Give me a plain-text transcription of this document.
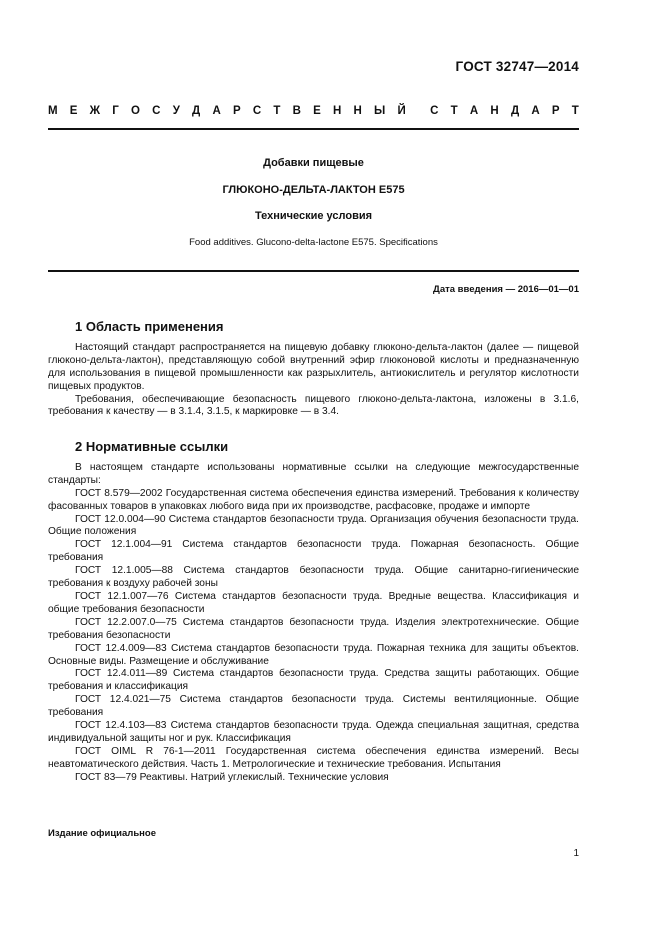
ГОСТ 32747—2014
М Е Ж Г О С У Д А Р С Т В Е Н Н Ы Й С Т А Н Д А Р Т
Добавки пищевые
ГЛЮКОНО-ДЕЛЬТА-ЛАКТОН Е575
Технические условия
Food additives. Glucono-delta-lactone E575. Specifications
Дата введения — 2016—01—01
1 Область применения

Настоящий стандарт распространяется на пищевую добавку глюконо-дельта-лактон (далее — пищевой глюконо-дельта-лактон), представляющую собой внутренний эфир глюконовой кислоты и предназначенную для использования в пищевой промышленности как разрыхлитель, антиокислитель и регулятор кислотности пищевых продуктов.

Требования, обеспечивающие безопасность пищевого глюконо-дельта-лактона, изложены в 3.1.6, требования к качеству — в 3.1.4, 3.1.5, к маркировке — в 3.4.

2 Нормативные ссылки

В настоящем стандарте использованы нормативные ссылки на следующие межгосударственные стандарты:

ГОСТ 8.579—2002 Государственная система обеспечения единства измерений. Требования к количеству фасованных товаров в упаковках любого вида при их производстве, расфасовке, продаже и импорте

ГОСТ 12.0.004—90 Система стандартов безопасности труда. Организация обучения безопасности труда. Общие положения

ГОСТ 12.1.004—91 Система стандартов безопасности труда. Пожарная безопасность. Общие требования

ГОСТ 12.1.005—88 Система стандартов безопасности труда. Общие санитарно-гигиенические требования к воздуху рабочей зоны

ГОСТ 12.1.007—76 Система стандартов безопасности труда. Вредные вещества. Классификация и общие требования безопасности

ГОСТ 12.2.007.0—75 Система стандартов безопасности труда. Изделия электротехнические. Общие требования безопасности

ГОСТ 12.4.009—83 Система стандартов безопасности труда. Пожарная техника для защиты объектов. Основные виды. Размещение и обслуживание

ГОСТ 12.4.011—89 Система стандартов безопасности труда. Средства защиты работающих. Общие требования и классификация

ГОСТ 12.4.021—75 Система стандартов безопасности труда. Системы вентиляционные. Общие требования

ГОСТ 12.4.103—83 Система стандартов безопасности труда. Одежда специальная защитная, средства индивидуальной защиты ног и рук. Классификация

ГОСТ OIML R 76-1—2011 Государственная система обеспечения единства измерений. Весы неавтоматического действия. Часть 1. Метрологические и технические требования. Испытания

ГОСТ 83—79 Реактивы. Натрий углекислый. Технические условия

Издание официальное
1
